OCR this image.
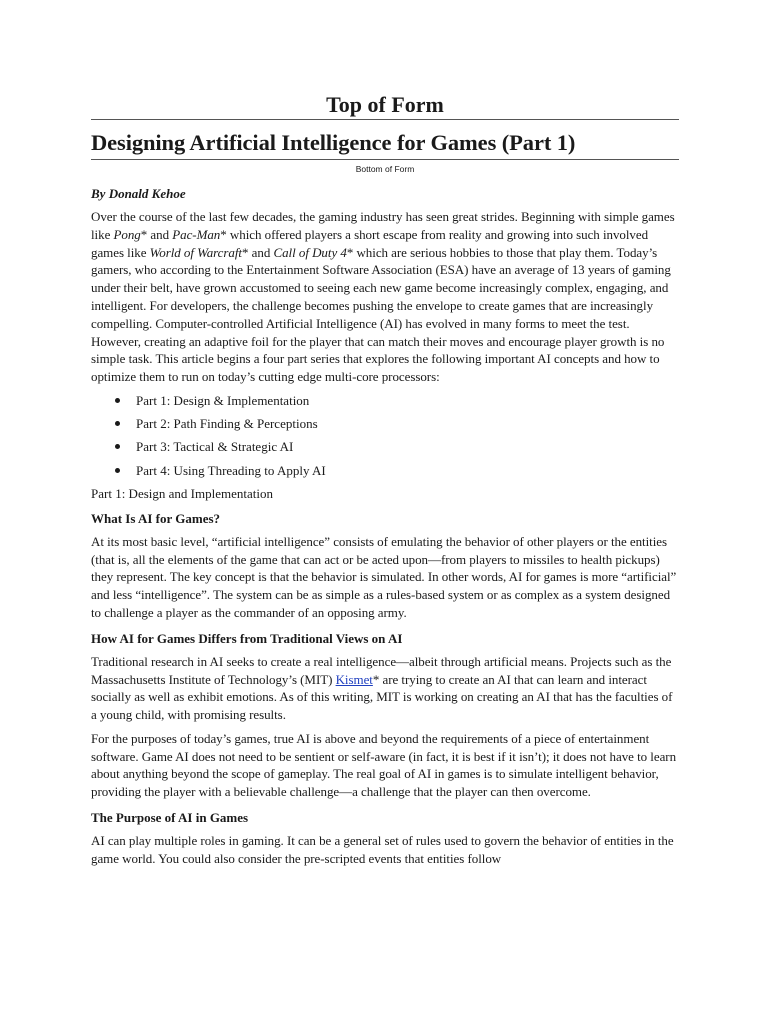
Top of Form
Designing Artificial Intelligence for Games (Part 1)
Bottom of Form
By Donald Kehoe

Over the course of the last few decades, the gaming industry has seen great strides. Beginning with simple games like Pong* and Pac-Man* which offered players a short escape from reality and growing into such involved games like World of Warcraft* and Call of Duty 4* which are serious hobbies to those that play them. Today’s gamers, who according to the Entertainment Software Association (ESA) have an average of 13 years of gaming under their belt, have grown accustomed to seeing each new game become increasingly complex, engaging, and intelligent. For developers, the challenge becomes pushing the envelope to create games that are increasingly compelling. Computer-controlled Artificial Intelligence (AI) has evolved in many forms to meet the test. However, creating an adaptive foil for the player that can match their moves and encourage player growth is no simple task. This article begins a four part series that explores the following important AI concepts and how to optimize them to run on today’s cutting edge multi-core processors:

Part 1: Design & Implementation
Part 2: Path Finding & Perceptions
Part 3: Tactical & Strategic AI
Part 4: Using Threading to Apply AI
Part 1: Design and Implementation
What Is AI for Games?

At its most basic level, “artificial intelligence” consists of emulating the behavior of other players or the entities (that is, all the elements of the game that can act or be acted upon—from players to missiles to health pickups) they represent. The key concept is that the behavior is simulated. In other words, AI for games is more “artificial” and less “intelligence”. The system can be as simple as a rules-based system or as complex as a system designed to challenge a player as the commander of an opposing army.

How AI for Games Differs from Traditional Views on AI

Traditional research in AI seeks to create a real intelligence—albeit through artificial means. Projects such as the Massachusetts Institute of Technology’s (MIT) Kismet* are trying to create an AI that can learn and interact socially as well as exhibit emotions. As of this writing, MIT is working on creating an AI that has the faculties of a young child, with promising results.

For the purposes of today’s games, true AI is above and beyond the requirements of a piece of entertainment software. Game AI does not need to be sentient or self-aware (in fact, it is best if it isn’t); it does not have to learn about anything beyond the scope of gameplay. The real goal of AI in games is to simulate intelligent behavior, providing the player with a believable challenge—a challenge that the player can then overcome.

The Purpose of AI in Games

AI can play multiple roles in gaming. It can be a general set of rules used to govern the behavior of entities in the game world. You could also consider the pre-scripted events that entities follow
